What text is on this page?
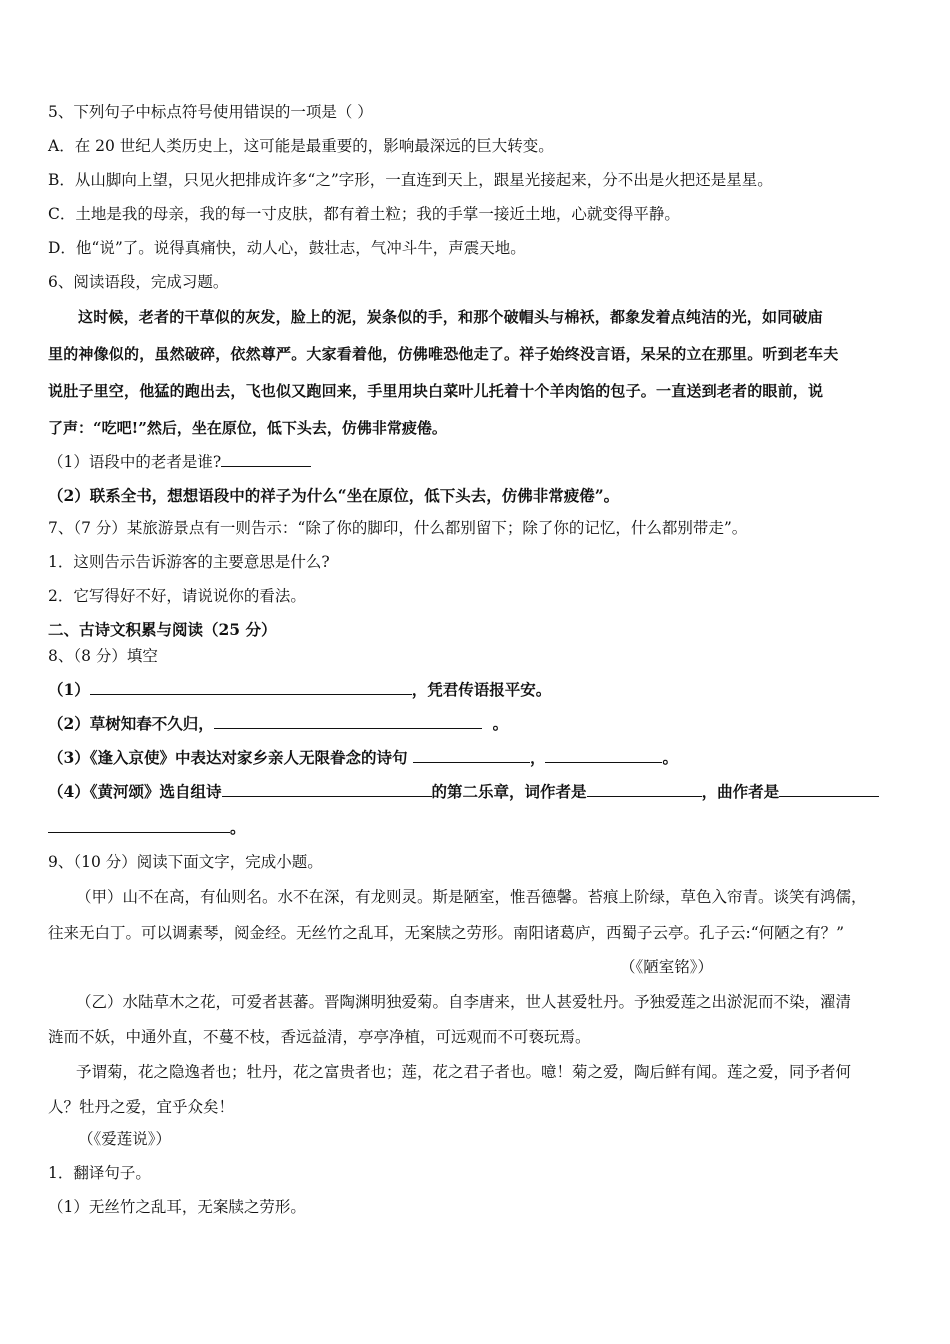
5、下列句子中标点符号使用错误的一项是（ ）
A．在 20 世纪人类历史上，这可能是最重要的，影响最深远的巨大转变。
B．从山脚向上望，只见火把排成许多“之”字形，一直连到天上，跟星光接起来，分不出是火把还是星星。
C．土地是我的母亲，我的每一寸皮肤，都有着土粒；我的手掌一接近土地，心就变得平静。
D．他“说”了。说得真痛快，动人心，鼓壮志，气冲斗牛，声震天地。
6、阅读语段，完成习题。
这时候，老者的干草似的灰发，脸上的泥，炭条似的手，和那个破帽头与棉袄，都象发着点纯洁的光，如同破庙
里的神像似的，虽然破碎，依然尊严。大家看着他，仿佛唯恐他走了。祥子始终没言语，呆呆的立在那里。听到老车夫
说肚子里空，他猛的跑出去，飞也似又跑回来，手里用块白菜叶儿托着十个羊肉馅的包子。一直送到老者的眼前，说
了声：“吃吧!”然后，坐在原位，低下头去，仿佛非常疲倦。
（1）语段中的老者是谁?
（2）联系全书，想想语段中的祥子为什么“坐在原位，低下头去，仿佛非常疲倦”。
7、（7 分）某旅游景点有一则告示：“除了你的脚印，什么都别留下；除了你的记忆，什么都别带走”。
1．这则告示告诉游客的主要意思是什么?
2．它写得好不好，请说说你的看法。
二、古诗文积累与阅读（25 分）
8、（8 分）填空
（1）	，凭君传语报平安。
（2）草树知春不久归，	。
（3）《逢入京使》中表达对家乡亲人无限眷念的诗句	，	。
（4）《黄河颂》选自组诗	的第二乐章，词作者是	，曲作者是
。
9、（10 分）阅读下面文字，完成小题。
（甲）山不在高，有仙则名。水不在深，有龙则灵。斯是陋室，惟吾德馨。苔痕上阶绿，草色入帘青。谈笑有鸿儒，
往来无白丁。可以调素琴，阅金经。无丝竹之乱耳，无案牍之劳形。南阳诸葛庐，西蜀子云亭。孔子云:“何陋之有？”
（《陋室铭》）
（乙）水陆草木之花，可爱者甚蕃。晋陶渊明独爱菊。自李唐来，世人甚爱牡丹。予独爱莲之出淤泥而不染，濯清
涟而不妖，中通外直，不蔓不枝，香远益清，亭亭净植，可远观而不可亵玩焉。
予谓菊，花之隐逸者也；牡丹，花之富贵者也；莲，花之君子者也。噫！菊之爱，陶后鲜有闻。莲之爱，同予者何
人？牡丹之爱，宜乎众矣！
（《爱莲说》）
1．翻译句子。
（1）无丝竹之乱耳，无案牍之劳形。
